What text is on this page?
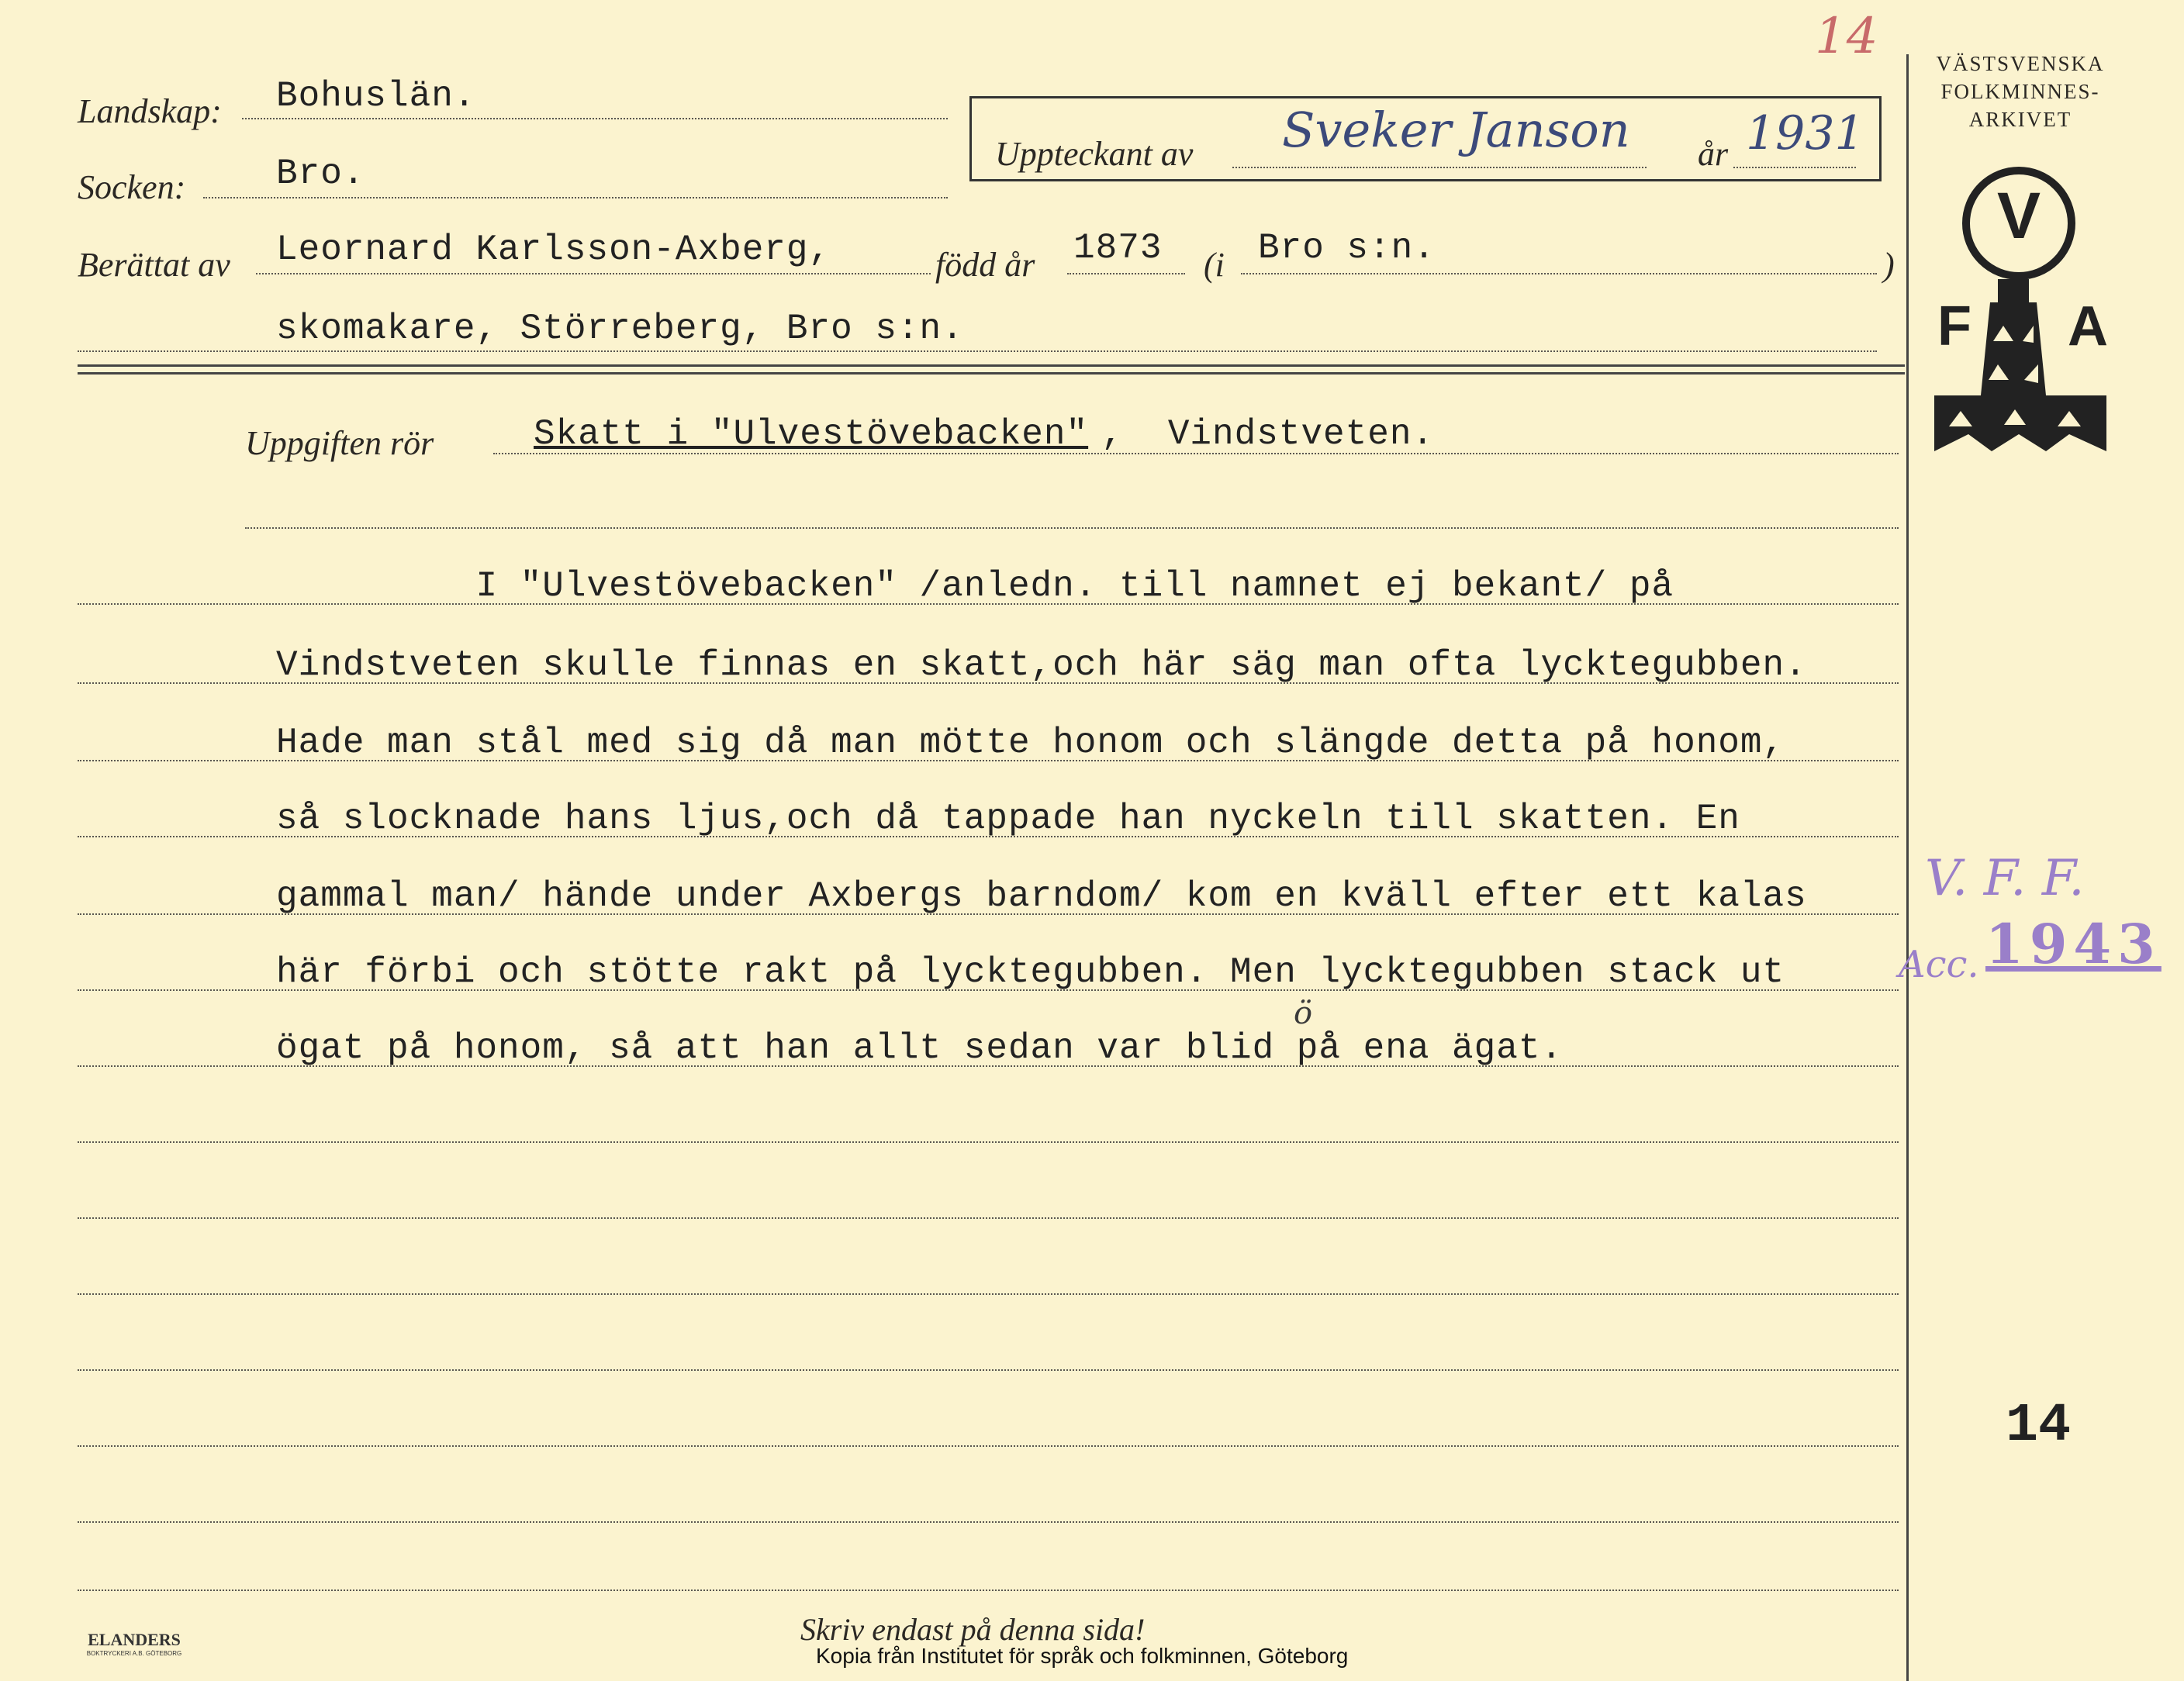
14	VÄSTSVENSKA
FOLKMINNES-
ARKIVET
V
F A
Landskap: Bohuslän.
Socken:	Bro.	Uppteckant av Sveker Janson år 1931
Berättat av Leornard Karlsson-Axberg,	född år 1873 (i Bro s:n.	)
skomakare, Störreberg, Bro s:n.
Uppgiften rör	Skatt i "Ulvestövebacken" ,  Vindstveten.
I "Ulvestövebacken" /anledn. till namnet ej bekant/ på
Vindstveten skulle finnas en skatt,och här säg man ofta lycktegubben.
Hade man stål med sig då man mötte honom och slängde detta på honom,
så slocknade hans ljus,och då tappade han nyckeln till skatten. En
gammal man/ hände under Axbergs barndom/ kom en kväll efter ett kalas
här förbi och stötte rakt på lycktegubben. Men lycktegubben stack ut
ögat på honom, så att han allt sedan var blid på ena ägat.
ö
V. F. F.
Acc. 1943
14
ELANDERS
BOKTRYCKERI A.B. GÖTEBORG
Skriv endast på denna sida!
Kopia från Institutet för språk och folkminnen, Göteborg
